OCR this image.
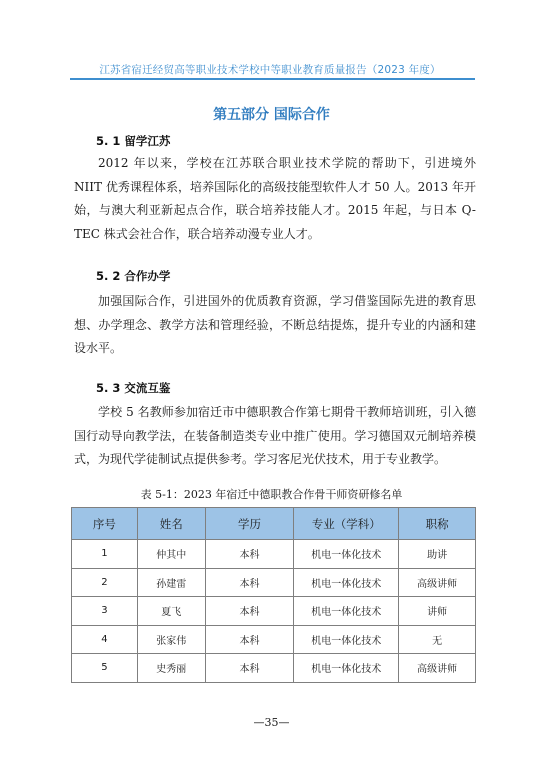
江苏省宿迁经贸高等职业技术学校中等职业教育质量报告（2023 年度）
第五部分 国际合作
5. 1 留学江苏

2012 年以来，学校在江苏联合职业技术学院的帮助下，引进境外 NIIT 优秀课程体系，培养国际化的高级技能型软件人才 50 人。2013 年开始，与澳大利亚新起点合作，联合培养技能人才。2015 年起，与日本 Q-TEC 株式会社合作，联合培养动漫专业人才。

5. 2 合作办学

加强国际合作，引进国外的优质教育资源，学习借鉴国际先进的教育思想、办学理念、教学方法和管理经验，不断总结提炼，提升专业的内涵和建设水平。

5. 3 交流互鉴

学校 5 名教师参加宿迁市中德职教合作第七期骨干教师培训班，引入德国行动导向教学法，在装备制造类专业中推广使用。学习德国双元制培养模式，为现代学徒制试点提供参考。学习客尼光伏技术，用于专业教学。

表 5-1：2023 年宿迁中德职教合作骨干师资研修名单
序号	姓名	学历	专业（学科）	职称
1	仲其中	本科	机电一体化技术	助讲
2	孙建雷	本科	机电一体化技术	高级讲师
3	夏飞	本科	机电一体化技术	讲师
4	张家伟	本科	机电一体化技术	无
5	史秀丽	本科	机电一体化技术	高级讲师
—35—
